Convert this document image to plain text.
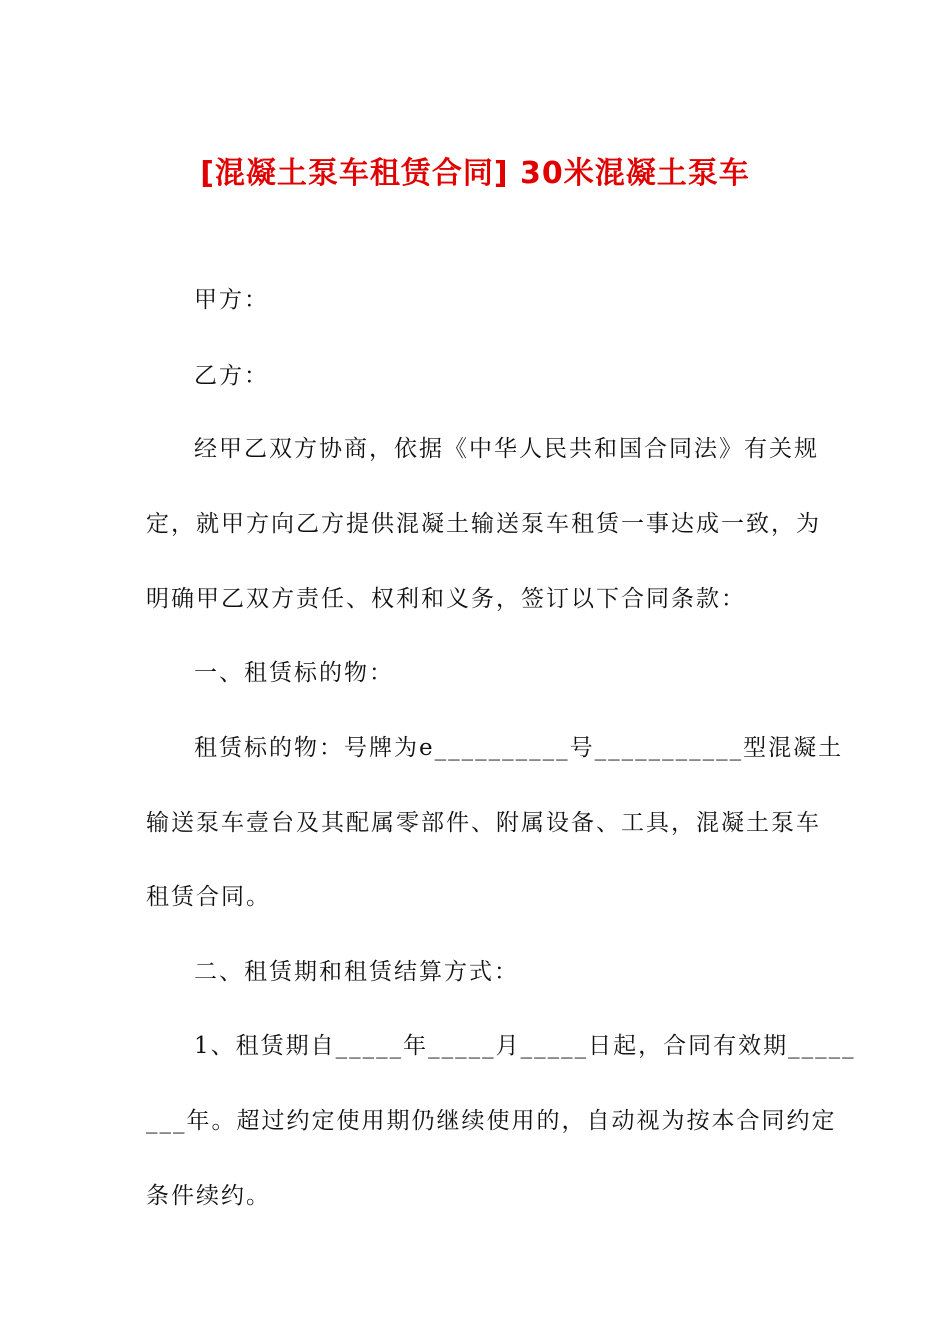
[混凝土泵车租赁合同] 30米混凝土泵车
甲方：
乙方：
经甲乙双方协商，依据《中华人民共和国合同法》有关规
定，就甲方向乙方提供混凝土输送泵车租赁一事达成一致，为
明确甲乙双方责任、权利和义务，签订以下合同条款：
一、租赁标的物：
租赁标的物：号牌为e__________号___________型混凝土
输送泵车壹台及其配属零部件、附属设备、工具，混凝土泵车
租赁合同。
二、租赁期和租赁结算方式：
1、租赁期自_____年_____月_____日起，合同有效期_____
___年。超过约定使用期仍继续使用的，自动视为按本合同约定
条件续约。
